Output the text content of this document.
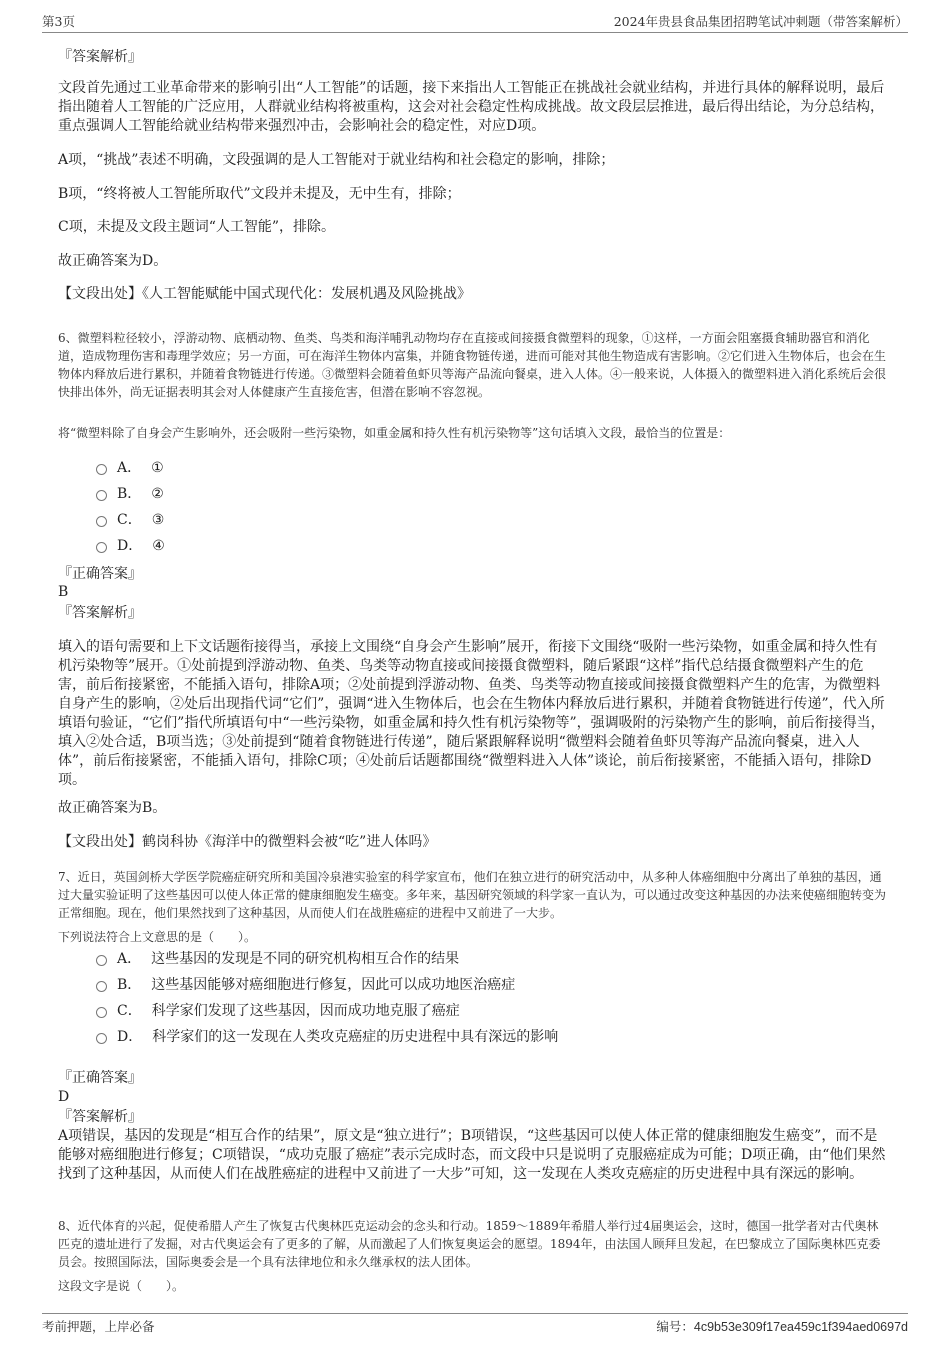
第3页	2024年贵县食品集团招聘笔试冲刺题（带答案解析）

『答案解析』

文段首先通过工业革命带来的影响引出“人工智能”的话题，接下来指出人工智能正在挑战社会就业结构，并进行具体的解释说明，最后指出随着人工智能的广泛应用，人群就业结构将被重构，这会对社会稳定性构成挑战。故文段层层推进，最后得出结论，为分总结构，重点强调人工智能给就业结构带来强烈冲击，会影响社会的稳定性，对应D项。

A项，“挑战”表述不明确，文段强调的是人工智能对于就业结构和社会稳定的影响，排除；

B项，“终将被人工智能所取代”文段并未提及，无中生有，排除；

C项，未提及文段主题词“人工智能”，排除。

故正确答案为D。

【文段出处】《人工智能赋能中国式现代化：发展机遇及风险挑战》

6、微塑料粒径较小，浮游动物、底栖动物、鱼类、鸟类和海洋哺乳动物均存在直接或间接摄食微塑料的现象，①这样，一方面会阻塞摄食辅助器官和消化道，造成物理伤害和毒理学效应；另一方面，可在海洋生物体内富集，并随食物链传递，进而可能对其他生物造成有害影响。②它们进入生物体后，也会在生物体内释放后进行累积，并随着食物链进行传递。③微塑料会随着鱼虾贝等海产品流向餐桌，进入人体。④一般来说，人体摄入的微塑料进入消化系统后会很快排出体外，尚无证据表明其会对人体健康产生直接危害，但潜在影响不容忽视。

将“微塑料除了自身会产生影响外，还会吸附一些污染物，如重金属和持久性有机污染物等”这句话填入文段，最恰当的位置是：

A． ①
B． ②
C． ③
D． ④

『正确答案』

B

『答案解析』

填入的语句需要和上下文话题衔接得当，承接上文围绕“自身会产生影响”展开，衔接下文围绕“吸附一些污染物，如重金属和持久性有机污染物等”展开。①处前提到浮游动物、鱼类、鸟类等动物直接或间接摄食微塑料，随后紧跟“这样”指代总结摄食微塑料产生的危害，前后衔接紧密，不能插入语句，排除A项；②处前提到浮游动物、鱼类、鸟类等动物直接或间接摄食微塑料产生的危害，为微塑料自身产生的影响，②处后出现指代词“它们”，强调“进入生物体后，也会在生物体内释放后进行累积，并随着食物链进行传递”，代入所填语句验证，“它们”指代所填语句中“一些污染物，如重金属和持久性有机污染物等”，强调吸附的污染物产生的影响，前后衔接得当，填入②处合适，B项当选；③处前提到“随着食物链进行传递”，随后紧跟解释说明“微塑料会随着鱼虾贝等海产品流向餐桌，进入人体”，前后衔接紧密，不能插入语句，排除C项；④处前后话题都围绕“微塑料进入人体”谈论，前后衔接紧密，不能插入语句，排除D项。

故正确答案为B。

【文段出处】鹤岗科协《海洋中的微塑料会被“吃”进人体吗》

7、近日，英国剑桥大学医学院癌症研究所和美国冷泉港实验室的科学家宣布，他们在独立进行的研究活动中，从多种人体癌细胞中分离出了单独的基因，通过大量实验证明了这些基因可以使人体正常的健康细胞发生癌变。多年来，基因研究领域的科学家一直认为，可以通过改变这种基因的办法来使癌细胞转变为正常细胞。现在，他们果然找到了这种基因，从而使人们在战胜癌症的进程中又前进了一大步。

下列说法符合上文意思的是（　　）。

A． 这些基因的发现是不同的研究机构相互合作的结果
B． 这些基因能够对癌细胞进行修复，因此可以成功地医治癌症
C． 科学家们发现了这些基因，因而成功地克服了癌症
D． 科学家们的这一发现在人类攻克癌症的历史进程中具有深远的影响

『正确答案』

D

『答案解析』

A项错误，基因的发现是“相互合作的结果”，原文是“独立进行”；B项错误，“这些基因可以使人体正常的健康细胞发生癌变”，而不是能够对癌细胞进行修复；C项错误，“成功克服了癌症”表示完成时态，而文段中只是说明了克服癌症成为可能；D项正确，由“他们果然找到了这种基因，从而使人们在战胜癌症的进程中又前进了一大步”可知，这一发现在人类攻克癌症的历史进程中具有深远的影响。

8、近代体育的兴起，促使希腊人产生了恢复古代奥林匹克运动会的念头和行动。1859～1889年希腊人举行过4届奥运会，这时，德国一批学者对古代奥林匹克的遗址进行了发掘，对古代奥运会有了更多的了解，从而激起了人们恢复奥运会的愿望。1894年，由法国人顾拜旦发起，在巴黎成立了国际奥林匹克委员会。按照国际法，国际奥委会是一个具有法律地位和永久继承权的法人团体。

这段文字是说（　　）。

考前押题，上岸必备	编号：4c9b53e309f17ea459c1f394aed0697d
